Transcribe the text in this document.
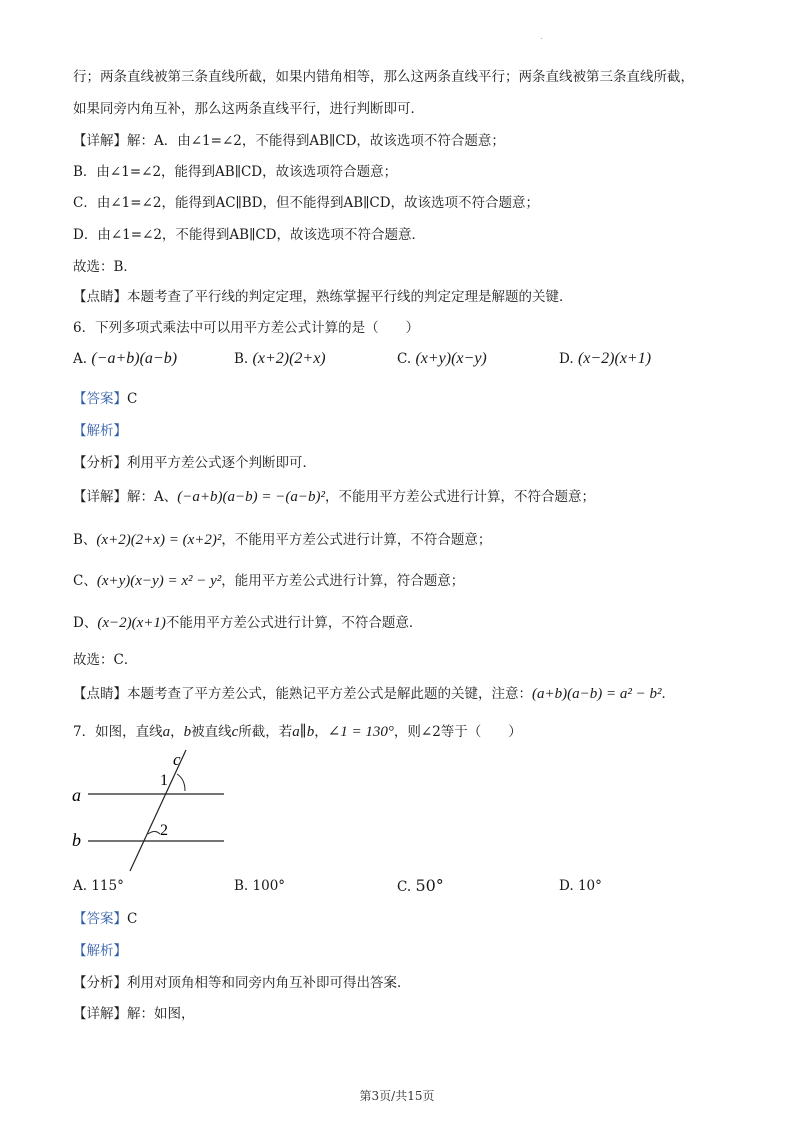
.
行；两条直线被第三条直线所截，如果内错角相等，那么这两条直线平行；两条直线被第三条直线所截，
如果同旁内角互补，那么这两条直线平行，进行判断即可．
【详解】解：A．由∠1=∠2，不能得到AB∥CD，故该选项不符合题意；
B．由∠1=∠2，能得到AB∥CD，故该选项符合题意；
C．由∠1=∠2，能得到AC∥BD，但不能得到AB∥CD，故该选项不符合题意；
D．由∠1=∠2，不能得到AB∥CD，故该选项不符合题意．
故选：B．
【点睛】本题考查了平行线的判定定理，熟练掌握平行线的判定定理是解题的关键．
6．下列多项式乘法中可以用平方差公式计算的是（　　）
A. (−a+b)(a−b)	B. (x+2)(2+x)	C. (x+y)(x−y)	D. (x−2)(x+1)
【答案】C
【解析】
【分析】利用平方差公式逐个判断即可．
【详解】解：A、(−a+b)(a−b) = −(a−b)²，不能用平方差公式进行计算，不符合题意；
B、(x+2)(2+x) = (x+2)²，不能用平方差公式进行计算，不符合题意；
C、(x+y)(x−y) = x² − y²，能用平方差公式进行计算，符合题意；
D、(x−2)(x+1)不能用平方差公式进行计算，不符合题意．
故选：C．
【点睛】本题考查了平方差公式，能熟记平方差公式是解此题的关键，注意：(a+b)(a−b) = a² − b²．
7．如图，直线a，b被直线c所截，若a∥b，∠1 = 130°，则∠2等于（　　）
a
b
c
1
2
A. 115°	B. 100°	C. 50°	D. 10°
【答案】C
【解析】
【分析】利用对顶角相等和同旁内角互补即可得出答案．
【详解】解：如图，
第3页/共15页
